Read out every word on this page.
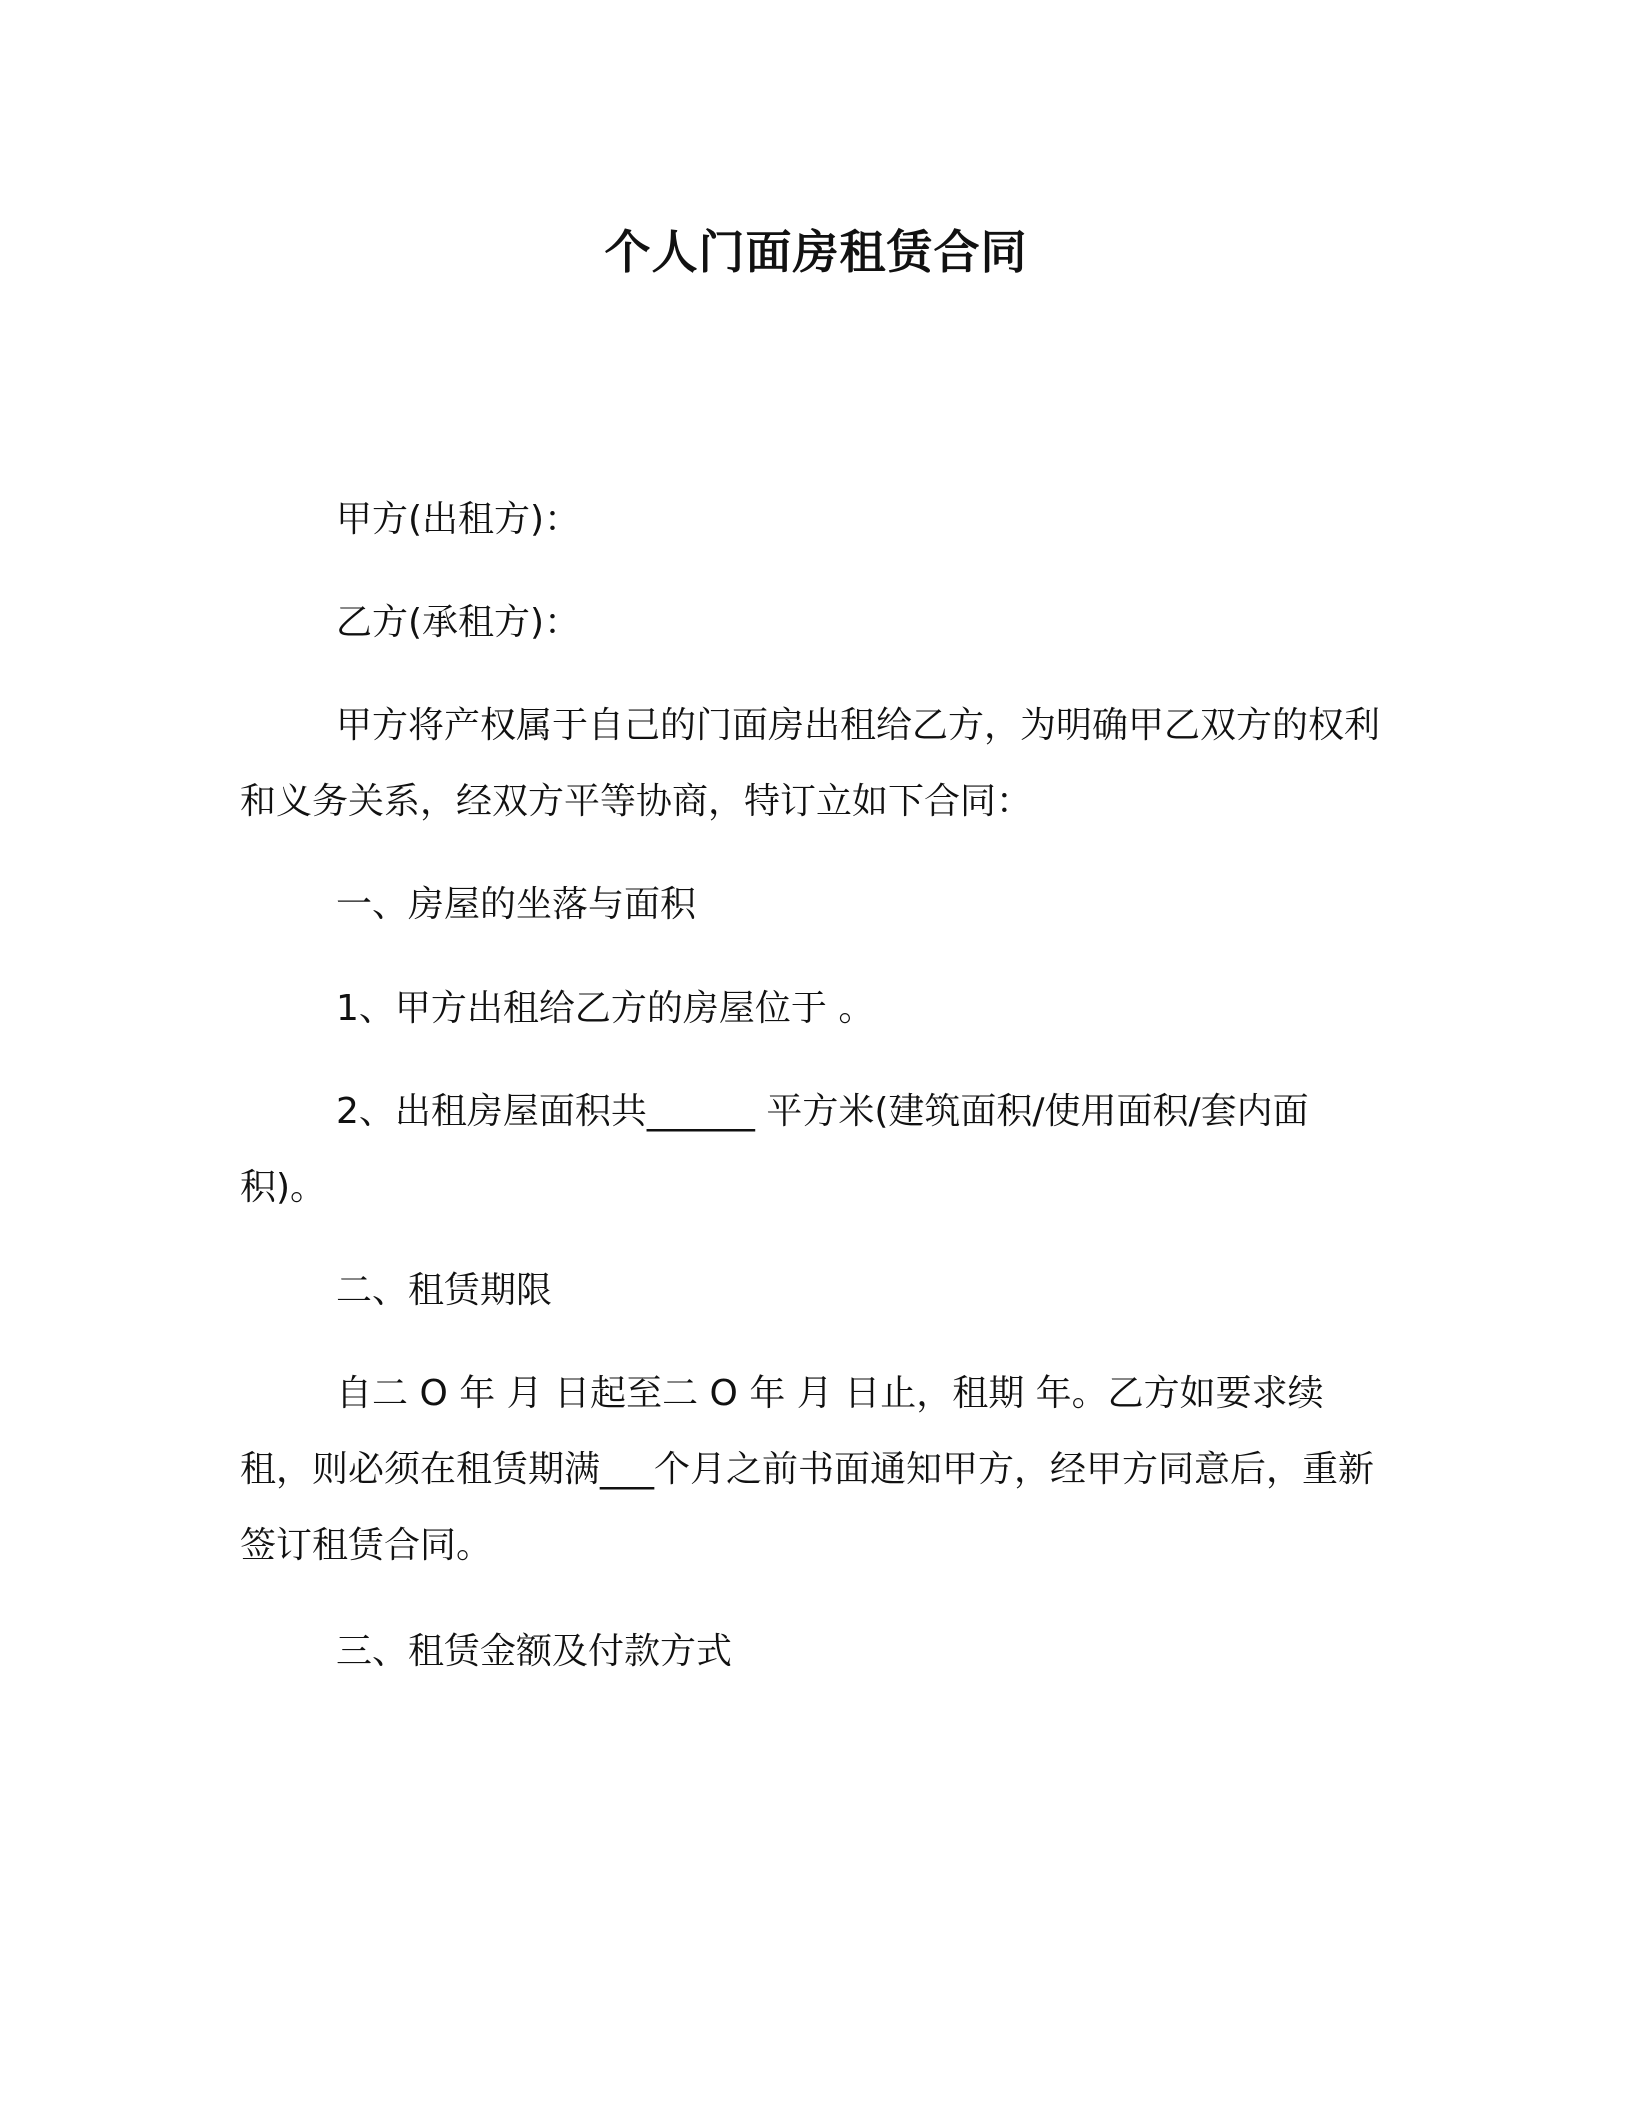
个人门面房租赁合同
甲方(出租方)：
乙方(承租方)：
甲方将产权属于自己的门面房出租给乙方，为明确甲乙双方的权利和义务关系，经双方平等协商，特订立如下合同：
一、房屋的坐落与面积
1、甲方出租给乙方的房屋位于 。
2、出租房屋面积共______ 平方米(建筑面积/使用面积/套内面积)。
二、租赁期限
自二 O 年 月 日起至二 O 年 月 日止，租期 年。乙方如要求续租，则必须在租赁期满___个月之前书面通知甲方，经甲方同意后，重新签订租赁合同。
三、租赁金额及付款方式
